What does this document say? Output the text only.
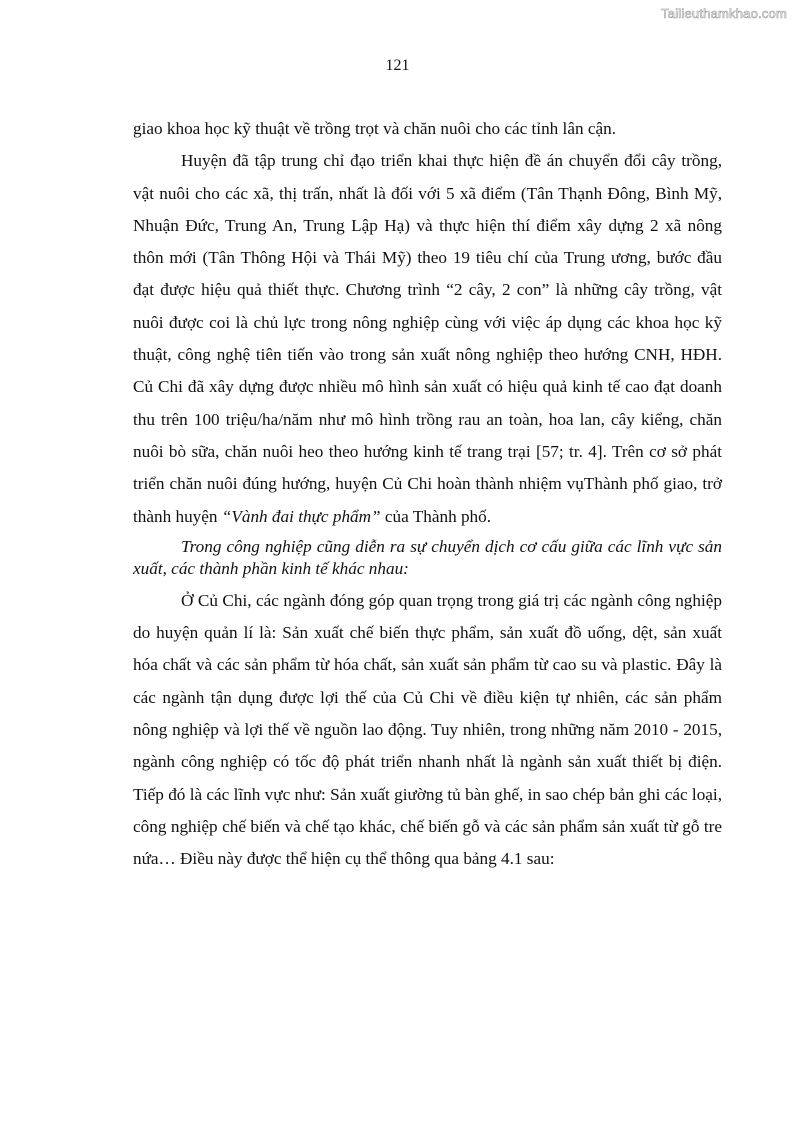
Tailieuthamkhao.com
121

giao khoa học kỹ thuật về trồng trọt và chăn nuôi cho các tỉnh lân cận.

Huyện đã tập trung chỉ đạo triển khai thực hiện đề án chuyển đổi cây trồng, vật nuôi cho các xã, thị trấn, nhất là đối với 5 xã điểm (Tân Thạnh Đông, Bình Mỹ, Nhuận Đức, Trung An, Trung Lập Hạ) và thực hiện thí điểm xây dựng 2 xã nông thôn mới (Tân Thông Hội và Thái Mỹ) theo 19 tiêu chí của Trung ương, bước đầu đạt được hiệu quả thiết thực. Chương trình “2 cây, 2 con” là những cây trồng, vật nuôi được coi là chủ lực trong nông nghiệp cùng với việc áp dụng các khoa học kỹ thuật, công nghệ tiên tiến vào trong sản xuất nông nghiệp theo hướng CNH, HĐH. Củ Chi đã xây dựng được nhiều mô hình sản xuất có hiệu quả kinh tế cao đạt doanh thu trên 100 triệu/ha/năm như mô hình trồng rau an toàn, hoa lan, cây kiểng, chăn nuôi bò sữa, chăn nuôi heo theo hướng kinh tế trang trại [57; tr. 4]. Trên cơ sở phát triển chăn nuôi đúng hướng, huyện Củ Chi hoàn thành nhiệm vụThành phố giao, trở thành huyện “Vành đai thực phẩm” của Thành phố.

Trong công nghiệp cũng diễn ra sự chuyển dịch cơ cấu giữa các lĩnh vực sản xuất, các thành phần kinh tế khác nhau:

Ở Củ Chi, các ngành đóng góp quan trọng trong giá trị các ngành công nghiệp do huyện quản lí là: Sản xuất chế biến thực phẩm, sản xuất đồ uống, dệt, sản xuất hóa chất và các sản phẩm từ hóa chất, sản xuất sản phẩm từ cao su và plastic. Đây là các ngành tận dụng được lợi thế của Củ Chi về điều kiện tự nhiên, các sản phẩm nông nghiệp và lợi thế về nguồn lao động. Tuy nhiên, trong những năm 2010 - 2015, ngành công nghiệp có tốc độ phát triển nhanh nhất là ngành sản xuất thiết bị điện. Tiếp đó là các lĩnh vực như: Sản xuất giường tủ bàn ghế, in sao chép bản ghi các loại, công nghiệp chế biến và chế tạo khác, chế biến gỗ và các sản phẩm sản xuất từ gỗ tre nứa… Điều này được thể hiện cụ thể thông qua bảng 4.1 sau:
